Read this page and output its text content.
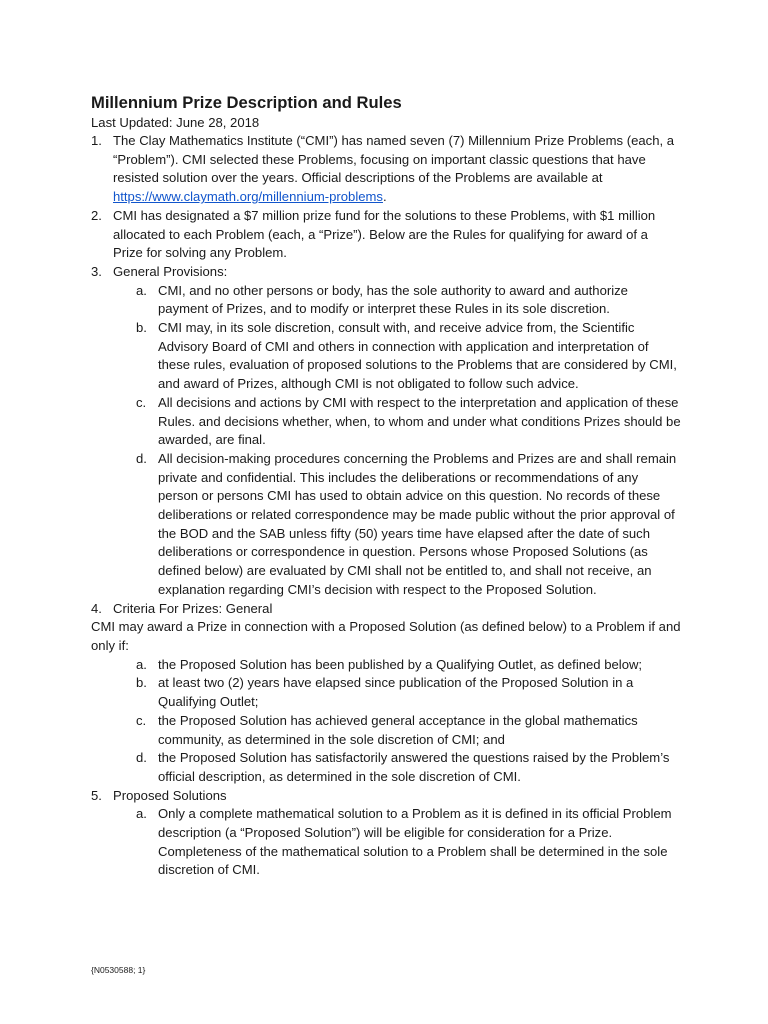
Millennium Prize Description and Rules

Last Updated: June 28, 2018

1. The Clay Mathematics Institute (“CMI”) has named seven (7) Millennium Prize Problems (each, a “Problem”). CMI selected these Problems, focusing on important classic questions that have resisted solution over the years. Official descriptions of the Problems are available at https://www.claymath.org/millennium-problems.

2. CMI has designated a $7 million prize fund for the solutions to these Problems, with $1 million allocated to each Problem (each, a “Prize”). Below are the Rules for qualifying for award of a Prize for solving any Problem.

3. General Provisions:

a. CMI, and no other persons or body, has the sole authority to award and authorize payment of Prizes, and to modify or interpret these Rules in its sole discretion.

b. CMI may, in its sole discretion, consult with, and receive advice from, the Scientific Advisory Board of CMI and others in connection with application and interpretation of these rules, evaluation of proposed solutions to the Problems that are considered by CMI, and award of Prizes, although CMI is not obligated to follow such advice.

c. All decisions and actions by CMI with respect to the interpretation and application of these Rules. and decisions whether, when, to whom and under what conditions Prizes should be awarded, are final.

d. All decision-making procedures concerning the Problems and Prizes are and shall remain private and confidential. This includes the deliberations or recommendations of any person or persons CMI has used to obtain advice on this question. No records of these deliberations or related correspondence may be made public without the prior approval of the BOD and the SAB unless fifty (50) years time have elapsed after the date of such deliberations or correspondence in question. Persons whose Proposed Solutions (as defined below) are evaluated by CMI shall not be entitled to, and shall not receive, an explanation regarding CMI’s decision with respect to the Proposed Solution.

4. Criteria For Prizes: General

CMI may award a Prize in connection with a Proposed Solution (as defined below) to a Problem if and only if:

a. the Proposed Solution has been published by a Qualifying Outlet, as defined below;

b. at least two (2) years have elapsed since publication of the Proposed Solution in a Qualifying Outlet;

c. the Proposed Solution has achieved general acceptance in the global mathematics community, as determined in the sole discretion of CMI; and

d. the Proposed Solution has satisfactorily answered the questions raised by the Problem’s official description, as determined in the sole discretion of CMI.

5. Proposed Solutions

a. Only a complete mathematical solution to a Problem as it is defined in its official Problem description (a “Proposed Solution”) will be eligible for consideration for a Prize. Completeness of the mathematical solution to a Problem shall be determined in the sole discretion of CMI.

{N0530588; 1}
